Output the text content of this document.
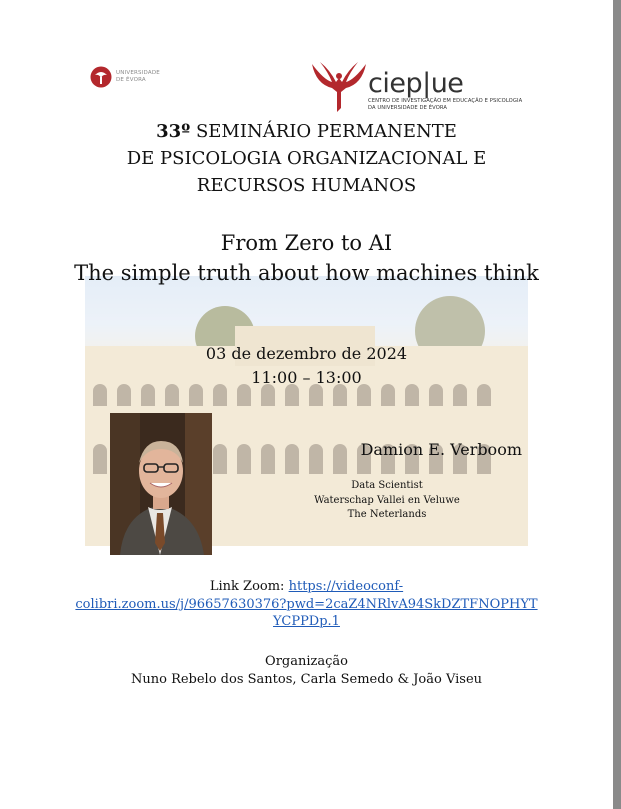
UNIVERSIDADE
DE ÉVORA	ciep|ue
CENTRO DE INVESTIGAÇÃO EM EDUCAÇÃO E PSICOLOGIA
DA UNIVERSIDADE DE ÉVORA
33º SEMINÁRIO PERMANENTE
DE PSICOLOGIA ORGANIZACIONAL E
RECURSOS HUMANOS
From Zero to AI
The simple truth about how machines think
03 de dezembro de 2024
11:00 – 13:00
Damion E. Verboom
Data Scientist
Waterschap Vallei en Veluwe
The Neterlands
Link Zoom: https://videoconf-
colibri.zoom.us/j/96657630376?pwd=2caZ4NRlvA94SkDZTFNOPHYT
YCPPDp.1
Organização
Nuno Rebelo dos Santos, Carla Semedo & João Viseu
